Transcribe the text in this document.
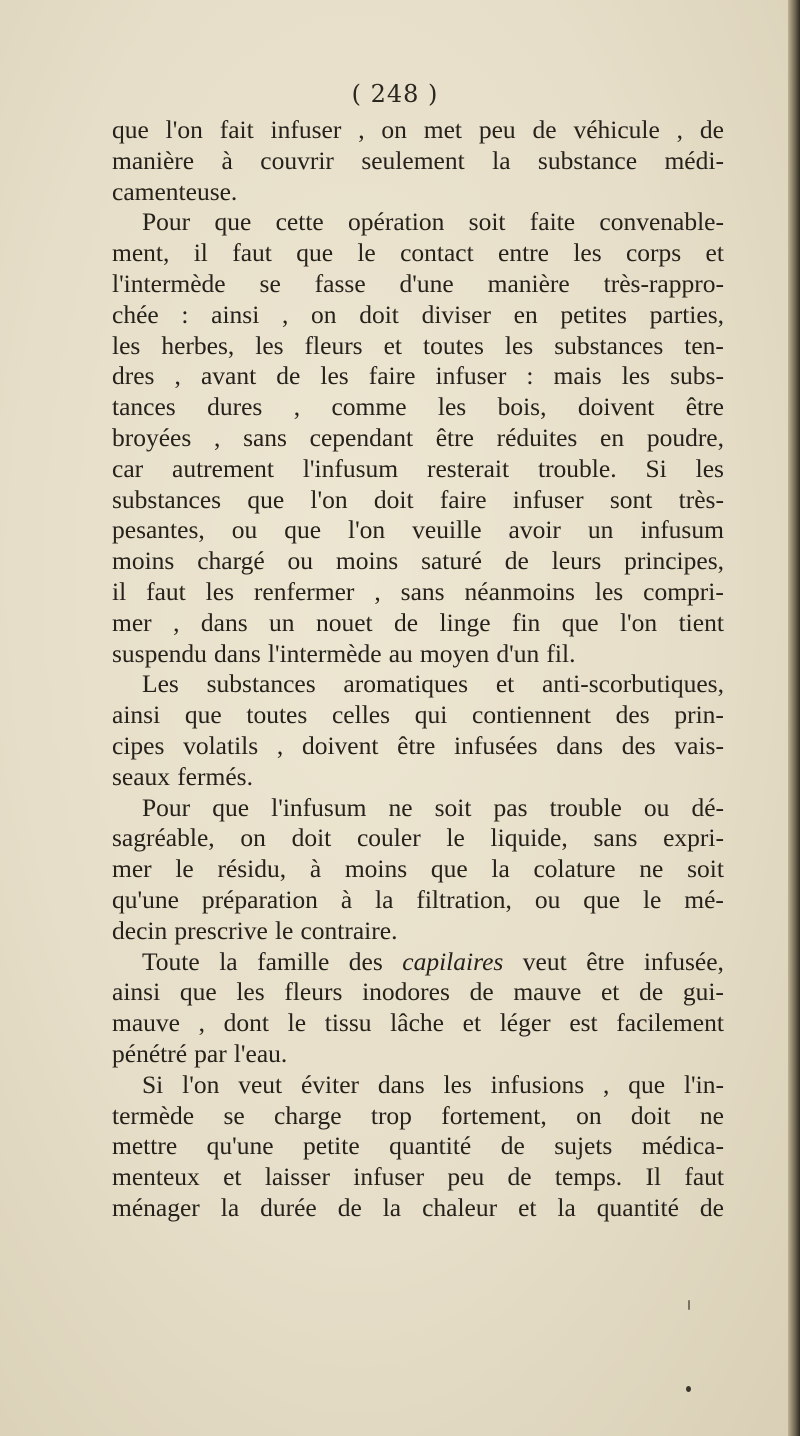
( 248 )
que l'on fait infuser , on met peu de véhicule , de
manière à couvrir seulement la substance médi-
camenteuse.
Pour que cette opération soit faite convenable-
ment, il faut que le contact entre les corps et
l'intermède se fasse d'une manière très-rappro-
chée : ainsi , on doit diviser en petites parties,
les herbes, les fleurs et toutes les substances ten-
dres , avant de les faire infuser : mais les subs-
tances dures , comme les bois, doivent être
broyées , sans cependant être réduites en poudre,
car autrement l'infusum resterait trouble. Si les
substances que l'on doit faire infuser sont très-
pesantes, ou que l'on veuille avoir un infusum
moins chargé ou moins saturé de leurs principes,
il faut les renfermer , sans néanmoins les compri-
mer , dans un nouet de linge fin que l'on tient
suspendu dans l'intermède au moyen d'un fil.
Les substances aromatiques et anti-scorbutiques,
ainsi que toutes celles qui contiennent des prin-
cipes volatils , doivent être infusées dans des vais-
seaux fermés.
Pour que l'infusum ne soit pas trouble ou dé-
sagréable, on doit couler le liquide, sans expri-
mer le résidu, à moins que la colature ne soit
qu'une préparation à la filtration, ou que le mé-
decin prescrive le contraire.
Toute la famille des capilaires veut être infusée,
ainsi que les fleurs inodores de mauve et de gui-
mauve , dont le tissu lâche et léger est facilement
pénétré par l'eau.
Si l'on veut éviter dans les infusions , que l'in-
termède se charge trop fortement, on doit ne
mettre qu'une petite quantité de sujets médica-
menteux et laisser infuser peu de temps. Il faut
ménager la durée de la chaleur et la quantité de
